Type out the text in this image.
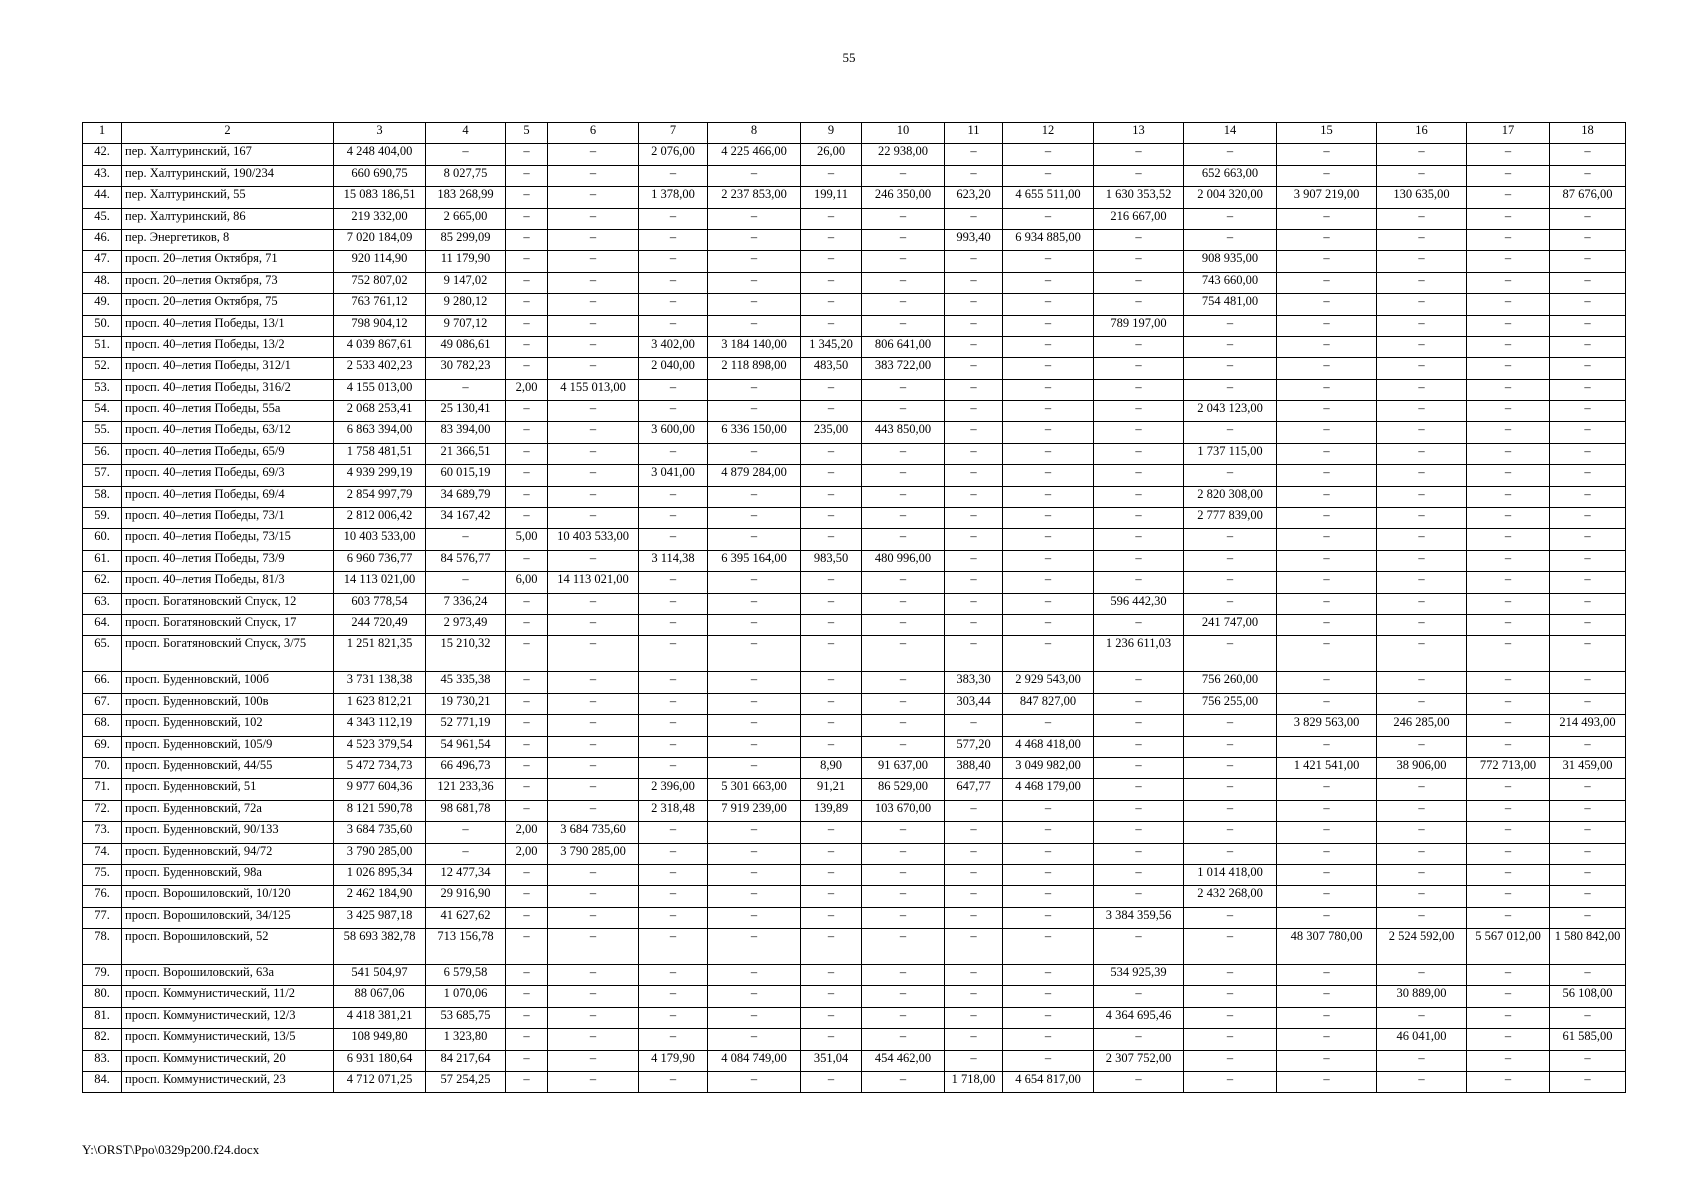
55
1	2	3	4	5	6	7	8	9	10	11	12	13	14	15	16	17	18
42.	пер. Халтуринский, 167	4 248 404,00	–	–	–	2 076,00	4 225 466,00	26,00	22 938,00	–	–	–	–	–	–	–	–
43.	пер. Халтуринский, 190/234	660 690,75	8 027,75	–	–	–	–	–	–	–	–	–	652 663,00	–	–	–	–
44.	пер. Халтуринский, 55	15 083 186,51	183 268,99	–	–	1 378,00	2 237 853,00	199,11	246 350,00	623,20	4 655 511,00	1 630 353,52	2 004 320,00	3 907 219,00	130 635,00	–	87 676,00
45.	пер. Халтуринский, 86	219 332,00	2 665,00	–	–	–	–	–	–	–	–	216 667,00	–	–	–	–	–
46.	пер. Энергетиков, 8	7 020 184,09	85 299,09	–	–	–	–	–	–	993,40	6 934 885,00	–	–	–	–	–	–
47.	просп. 20–летия Октября, 71	920 114,90	11 179,90	–	–	–	–	–	–	–	–	–	908 935,00	–	–	–	–
48.	просп. 20–летия Октября, 73	752 807,02	9 147,02	–	–	–	–	–	–	–	–	–	743 660,00	–	–	–	–
49.	просп. 20–летия Октября, 75	763 761,12	9 280,12	–	–	–	–	–	–	–	–	–	754 481,00	–	–	–	–
50.	просп. 40–летия Победы, 13/1	798 904,12	9 707,12	–	–	–	–	–	–	–	–	789 197,00	–	–	–	–	–
51.	просп. 40–летия Победы, 13/2	4 039 867,61	49 086,61	–	–	3 402,00	3 184 140,00	1 345,20	806 641,00	–	–	–	–	–	–	–	–
52.	просп. 40–летия Победы, 312/1	2 533 402,23	30 782,23	–	–	2 040,00	2 118 898,00	483,50	383 722,00	–	–	–	–	–	–	–	–
53.	просп. 40–летия Победы, 316/2	4 155 013,00	–	2,00	4 155 013,00	–	–	–	–	–	–	–	–	–	–	–	–
54.	просп. 40–летия Победы, 55а	2 068 253,41	25 130,41	–	–	–	–	–	–	–	–	–	2 043 123,00	–	–	–	–
55.	просп. 40–летия Победы, 63/12	6 863 394,00	83 394,00	–	–	3 600,00	6 336 150,00	235,00	443 850,00	–	–	–	–	–	–	–	–
56.	просп. 40–летия Победы, 65/9	1 758 481,51	21 366,51	–	–	–	–	–	–	–	–	–	1 737 115,00	–	–	–	–
57.	просп. 40–летия Победы, 69/3	4 939 299,19	60 015,19	–	–	3 041,00	4 879 284,00	–	–	–	–	–	–	–	–	–	–
58.	просп. 40–летия Победы, 69/4	2 854 997,79	34 689,79	–	–	–	–	–	–	–	–	–	2 820 308,00	–	–	–	–
59.	просп. 40–летия Победы, 73/1	2 812 006,42	34 167,42	–	–	–	–	–	–	–	–	–	2 777 839,00	–	–	–	–
60.	просп. 40–летия Победы, 73/15	10 403 533,00	–	5,00	10 403 533,00	–	–	–	–	–	–	–	–	–	–	–	–
61.	просп. 40–летия Победы, 73/9	6 960 736,77	84 576,77	–	–	3 114,38	6 395 164,00	983,50	480 996,00	–	–	–	–	–	–	–	–
62.	просп. 40–летия Победы, 81/3	14 113 021,00	–	6,00	14 113 021,00	–	–	–	–	–	–	–	–	–	–	–	–
63.	просп. Богатяновский Спуск, 12	603 778,54	7 336,24	–	–	–	–	–	–	–	–	596 442,30	–	–	–	–	–
64.	просп. Богатяновский Спуск, 17	244 720,49	2 973,49	–	–	–	–	–	–	–	–	–	241 747,00	–	–	–	–
65.	просп. Богатяновский Спуск, 3/75	1 251 821,35	15 210,32	–	–	–	–	–	–	–	–	1 236 611,03	–	–	–	–	–
66.	просп. Буденновский, 100б	3 731 138,38	45 335,38	–	–	–	–	–	–	383,30	2 929 543,00	–	756 260,00	–	–	–	–
67.	просп. Буденновский, 100в	1 623 812,21	19 730,21	–	–	–	–	–	–	303,44	847 827,00	–	756 255,00	–	–	–	–
68.	просп. Буденновский, 102	4 343 112,19	52 771,19	–	–	–	–	–	–	–	–	–	–	3 829 563,00	246 285,00	–	214 493,00
69.	просп. Буденновский, 105/9	4 523 379,54	54 961,54	–	–	–	–	–	–	577,20	4 468 418,00	–	–	–	–	–	–
70.	просп. Буденновский, 44/55	5 472 734,73	66 496,73	–	–	–	–	8,90	91 637,00	388,40	3 049 982,00	–	–	1 421 541,00	38 906,00	772 713,00	31 459,00
71.	просп. Буденновский, 51	9 977 604,36	121 233,36	–	–	2 396,00	5 301 663,00	91,21	86 529,00	647,77	4 468 179,00	–	–	–	–	–	–
72.	просп. Буденновский, 72а	8 121 590,78	98 681,78	–	–	2 318,48	7 919 239,00	139,89	103 670,00	–	–	–	–	–	–	–	–
73.	просп. Буденновский, 90/133	3 684 735,60	–	2,00	3 684 735,60	–	–	–	–	–	–	–	–	–	–	–	–
74.	просп. Буденновский, 94/72	3 790 285,00	–	2,00	3 790 285,00	–	–	–	–	–	–	–	–	–	–	–	–
75.	просп. Буденновский, 98а	1 026 895,34	12 477,34	–	–	–	–	–	–	–	–	–	1 014 418,00	–	–	–	–
76.	просп. Ворошиловский, 10/120	2 462 184,90	29 916,90	–	–	–	–	–	–	–	–	–	2 432 268,00	–	–	–	–
77.	просп. Ворошиловский, 34/125	3 425 987,18	41 627,62	–	–	–	–	–	–	–	–	3 384 359,56	–	–	–	–	–
78.	просп. Ворошиловский, 52	58 693 382,78	713 156,78	–	–	–	–	–	–	–	–	–	–	48 307 780,00	2 524 592,00	5 567 012,00	1 580 842,00
79.	просп. Ворошиловский, 63а	541 504,97	6 579,58	–	–	–	–	–	–	–	–	534 925,39	–	–	–	–	–
80.	просп. Коммунистический, 11/2	88 067,06	1 070,06	–	–	–	–	–	–	–	–	–	–	–	30 889,00	–	56 108,00
81.	просп. Коммунистический, 12/3	4 418 381,21	53 685,75	–	–	–	–	–	–	–	–	4 364 695,46	–	–	–	–	–
82.	просп. Коммунистический, 13/5	108 949,80	1 323,80	–	–	–	–	–	–	–	–	–	–	–	46 041,00	–	61 585,00
83.	просп. Коммунистический, 20	6 931 180,64	84 217,64	–	–	4 179,90	4 084 749,00	351,04	454 462,00	–	–	2 307 752,00	–	–	–	–	–
84.	просп. Коммунистический, 23	4 712 071,25	57 254,25	–	–	–	–	–	–	1 718,00	4 654 817,00	–	–	–	–	–	–
Y:\ORST\Ppo\0329p200.f24.docx
